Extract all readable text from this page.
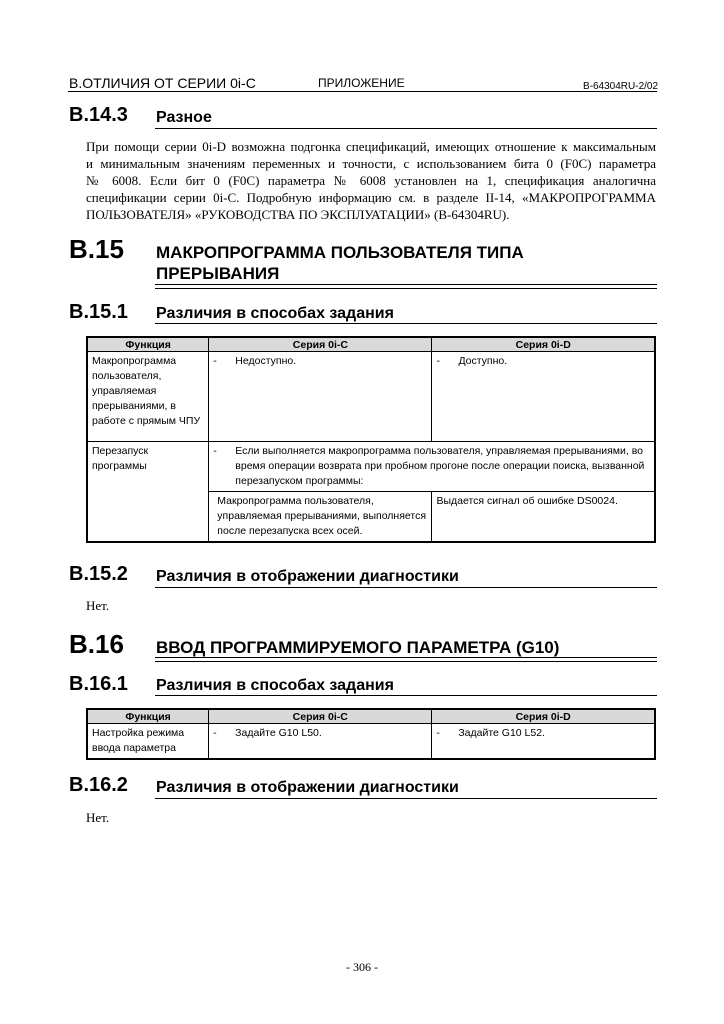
B.ОТЛИЧИЯ ОТ СЕРИИ 0i-C	ПРИЛОЖЕНИЕ	B-64304RU-2/02
B.14.3 Разное
При помощи серии 0i-D возможна подгонка спецификаций, имеющих отношение к максимальным
и минимальным значениям переменных и точности, с использованием бита 0 (F0C) параметра
№ 6008. Если бит 0 (F0C) параметра № 6008 установлен на 1, спецификация аналогична
спецификации серии 0i-C. Подробную информацию см. в разделе II-14, «МАКРОПРОГРАММА
ПОЛЬЗОВАТЕЛЯ» «РУКОВОДСТВА ПО ЭКСПЛУАТАЦИИ» (B-64304RU).
B.15 МАКРОПРОГРАММА ПОЛЬЗОВАТЕЛЯ ТИПА
ПРЕРЫВАНИЯ
B.15.1 Различия в способах задания
Функция	Серия 0i-C	Серия 0i-D
Макропрограмма пользователя, управляемая прерываниями, в работе с прямым ЧПУ	- Недоступно.	- Доступно.

Перезапуск программы	- Если выполняется макропрограмма пользователя, управляемая прерываниями, во время операции возврата при пробном прогоне после операции поиска, вызванной перезапуском программы:	

	Макропрограмма пользователя, управляемая прерываниями, выполняется после перезапуска всех осей.	Выдается сигнал об ошибке DS0024.
B.15.2 Различия в отображении диагностики
Нет.
B.16 ВВОД ПРОГРАММИРУЕМОГО ПАРАМЕТРА (G10)
B.16.1 Различия в способах задания
Функция	Серия 0i-C	Серия 0i-D
Настройка режима ввода параметра	- Задайте G10 L50.	- Задайте G10 L52.
B.16.2 Различия в отображении диагностики
Нет.
- 306 -
